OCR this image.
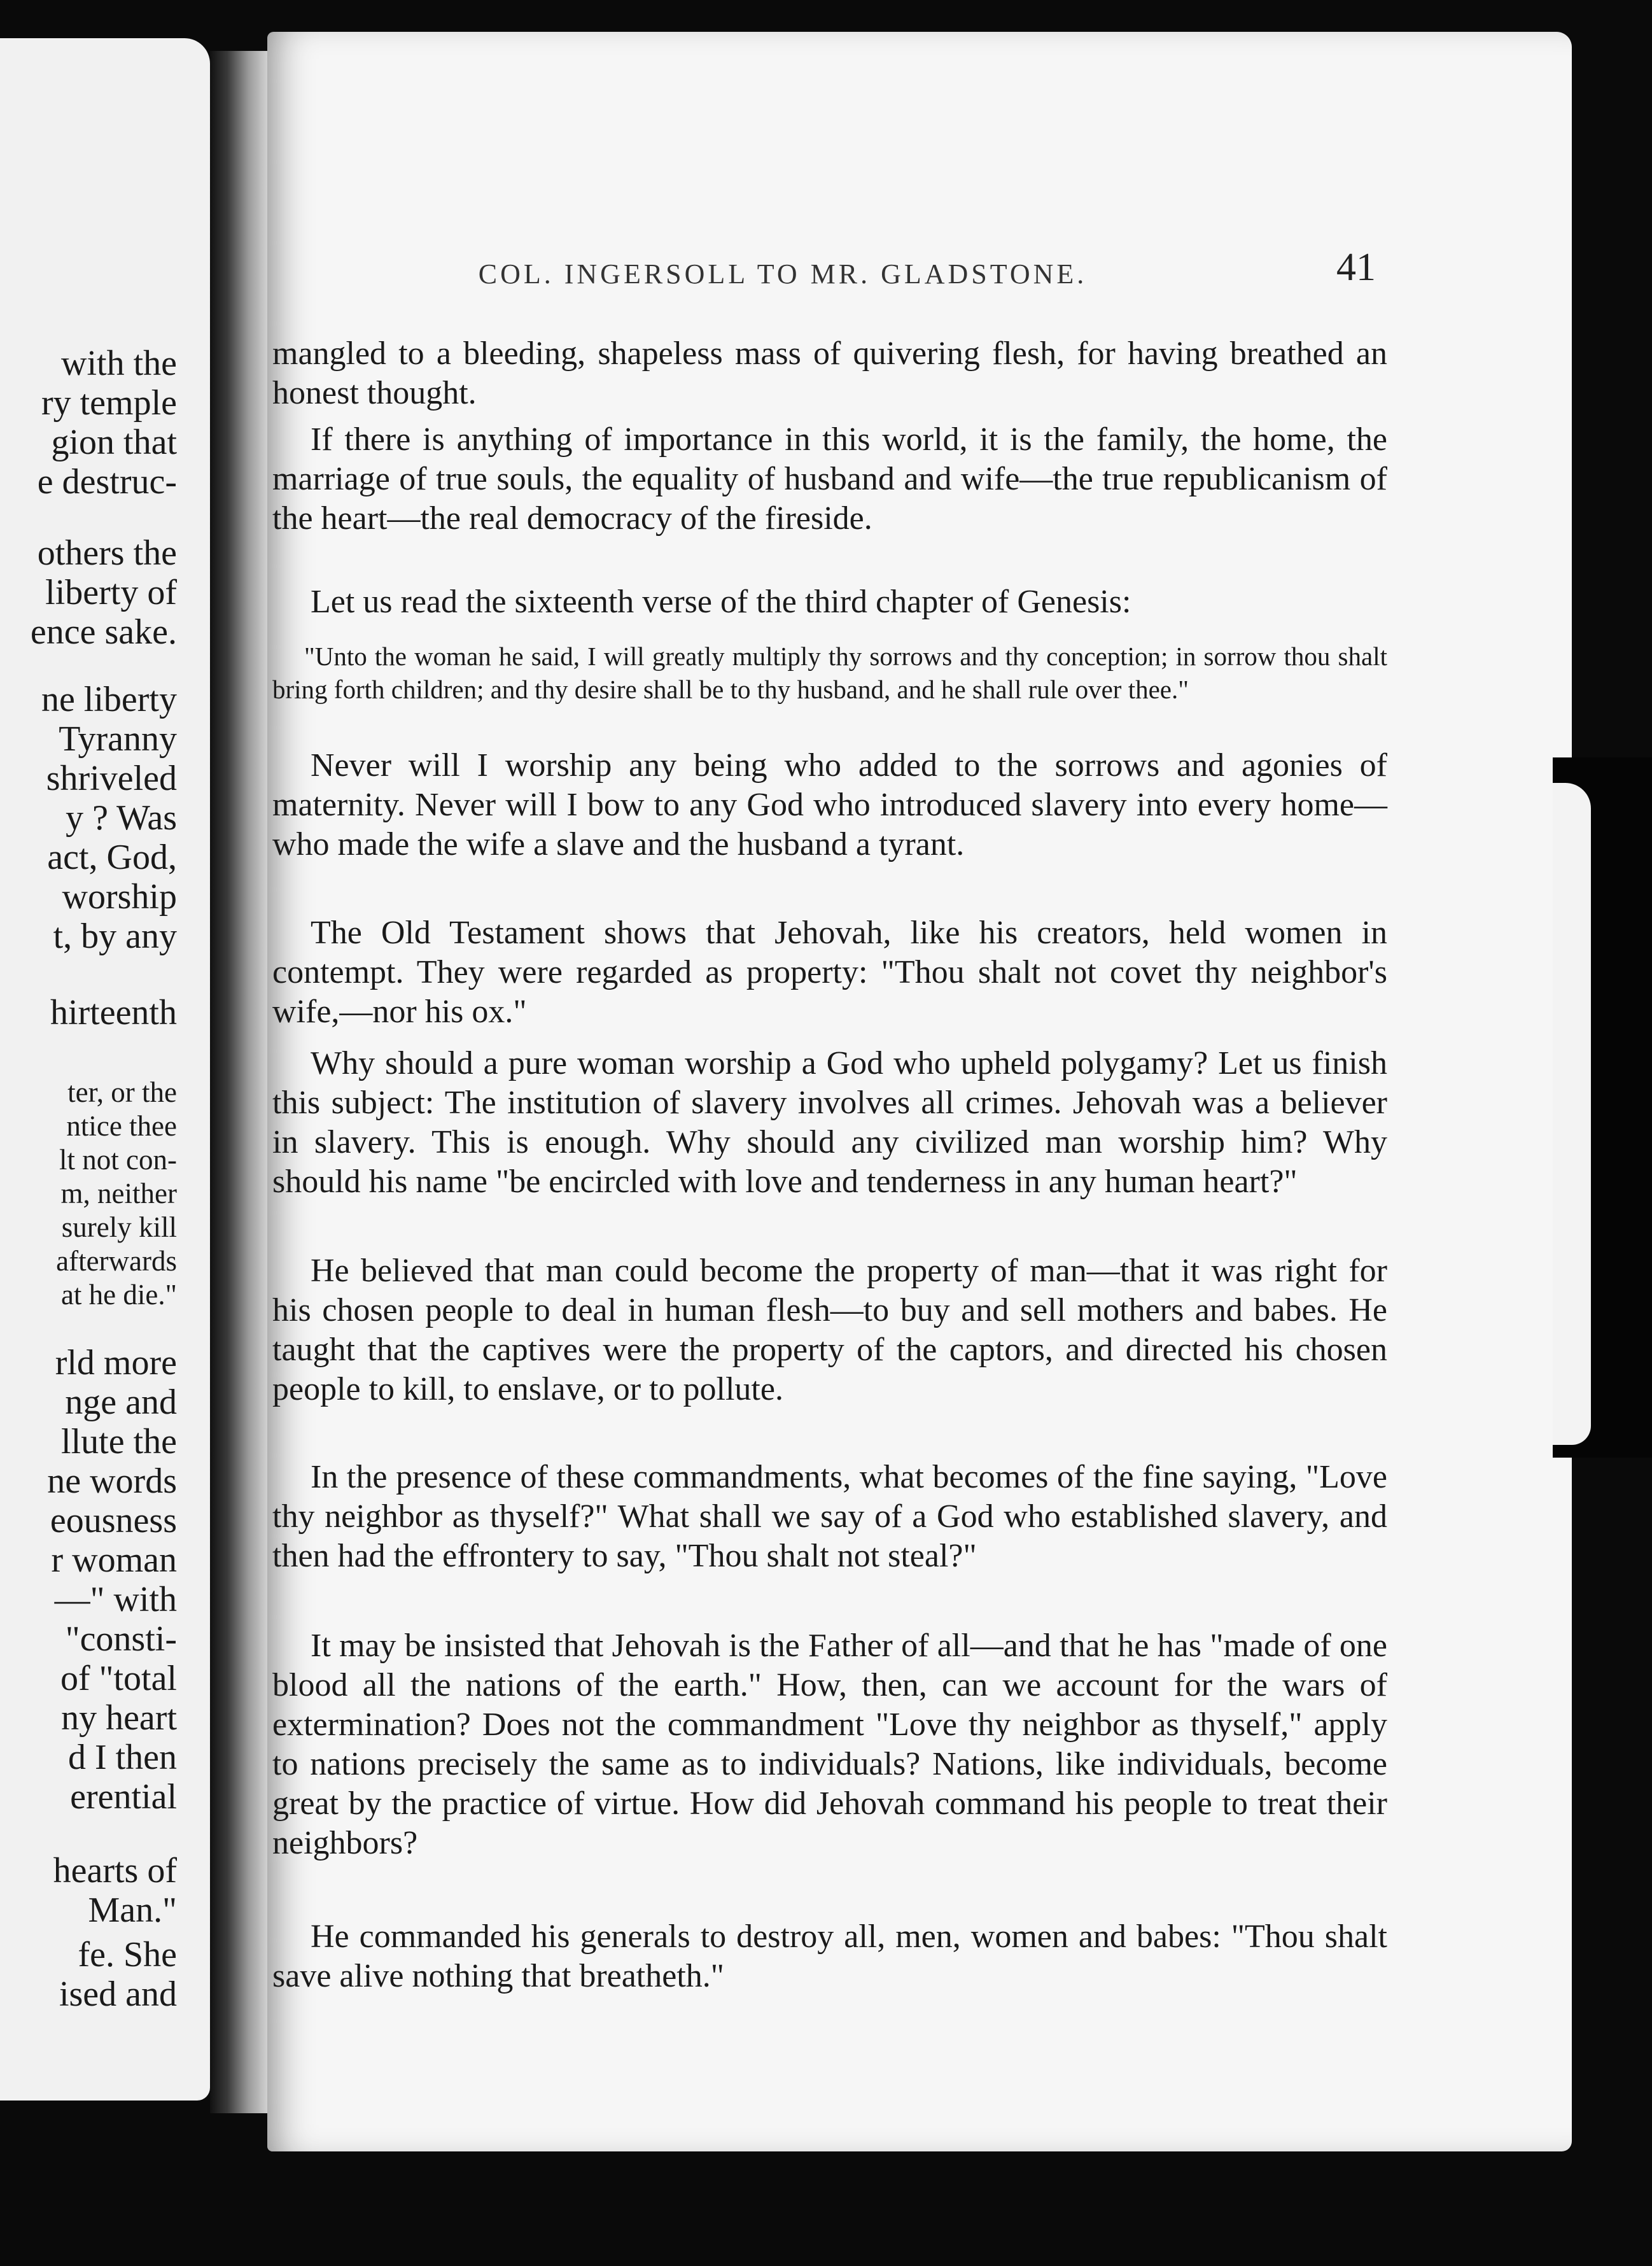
with the
ry temple
gion that
e destruc-
others the
liberty of
ence sake.
ne liberty
Tyranny
shriveled
y ? Was
act, God,
worship
t, by any
hirteenth
ter, or the
ntice thee
lt not con-
m, neither
surely kill
afterwards
at he die."
rld more
nge and
llute the
ne words
eousness
r woman
—" with
"consti-
of "total
ny heart
d I then
erential
hearts of
Man."
fe. She
ised and
COL. INGERSOLL TO MR. GLADSTONE.	41

mangled to a bleeding, shapeless mass of quivering flesh, for having breathed an honest thought.

If there is anything of importance in this world, it is the family, the home, the marriage of true souls, the equality of husband and wife—the true republicanism of the heart—the real democracy of the fireside.

Let us read the sixteenth verse of the third chapter of Genesis:

"Unto the woman he said, I will greatly multiply thy sorrows and thy conception; in sorrow thou shalt bring forth children; and thy desire shall be to thy husband, and he shall rule over thee."

Never will I worship any being who added to the sorrows and agonies of maternity. Never will I bow to any God who introduced slavery into every home—who made the wife a slave and the husband a tyrant.

The Old Testament shows that Jehovah, like his creators, held women in contempt. They were regarded as property: "Thou shalt not covet thy neighbor's wife,—nor his ox."

Why should a pure woman worship a God who upheld polygamy? Let us finish this subject: The institution of slavery involves all crimes. Jehovah was a believer in slavery. This is enough. Why should any civilized man worship him? Why should his name "be encircled with love and tenderness in any human heart?"

He believed that man could become the property of man—that it was right for his chosen people to deal in human flesh—to buy and sell mothers and babes. He taught that the captives were the property of the captors, and directed his chosen people to kill, to enslave, or to pollute.

In the presence of these commandments, what becomes of the fine saying, "Love thy neighbor as thyself?" What shall we say of a God who established slavery, and then had the effrontery to say, "Thou shalt not steal?"

It may be insisted that Jehovah is the Father of all—and that he has "made of one blood all the nations of the earth." How, then, can we account for the wars of extermination? Does not the commandment "Love thy neighbor as thyself," apply to nations precisely the same as to individuals? Nations, like individuals, become great by the practice of virtue. How did Jehovah command his people to treat their neighbors?

He commanded his generals to destroy all, men, women and babes: "Thou shalt save alive nothing that breatheth."
